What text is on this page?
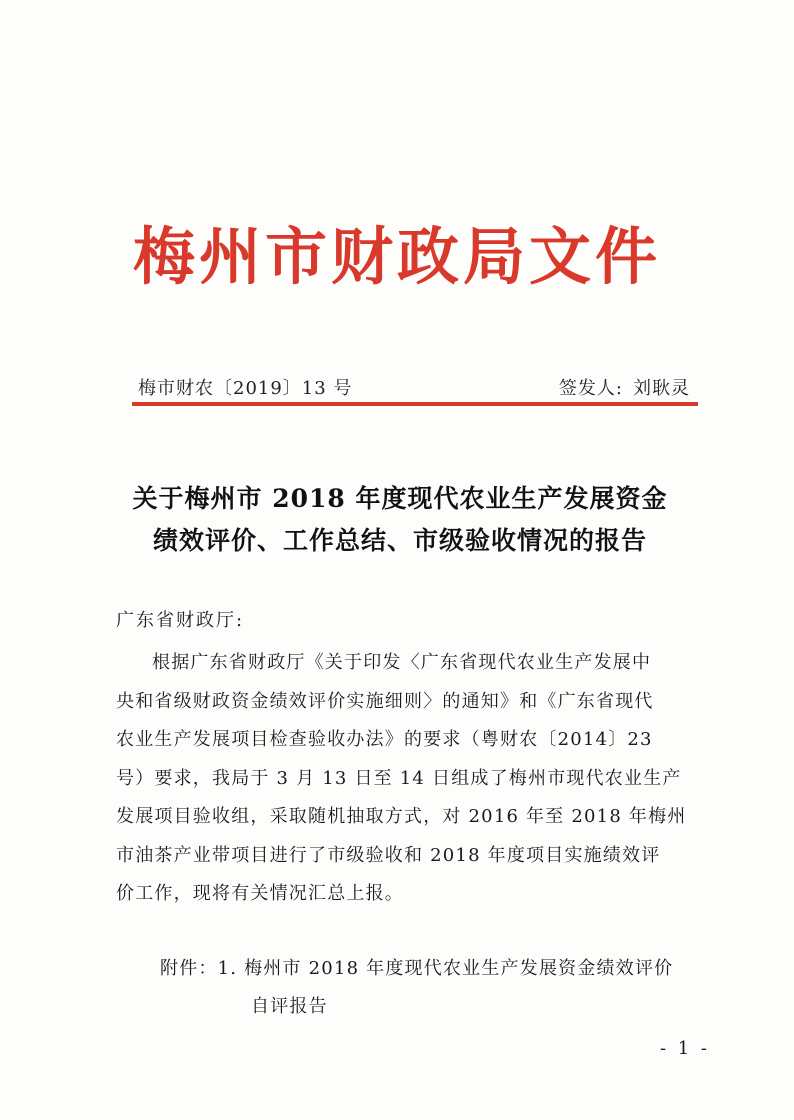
梅州市财政局文件
梅市财农〔2019〕13 号	签发人: 刘耿灵
关于梅州市 2018 年度现代农业生产发展资金
绩效评价、工作总结、市级验收情况的报告
广东省财政厅:
根据广东省财政厅《关于印发〈广东省现代农业生产发展中
央和省级财政资金绩效评价实施细则〉的通知》和《广东省现代
农业生产发展项目检查验收办法》的要求（粤财农〔2014〕23
号）要求，我局于 3 月 13 日至 14 日组成了梅州市现代农业生产
发展项目验收组，采取随机抽取方式，对 2016 年至 2018 年梅州
市油茶产业带项目进行了市级验收和 2018 年度项目实施绩效评
价工作，现将有关情况汇总上报。
附件：1. 梅州市 2018 年度现代农业生产发展资金绩效评价
自评报告
- 1 -
